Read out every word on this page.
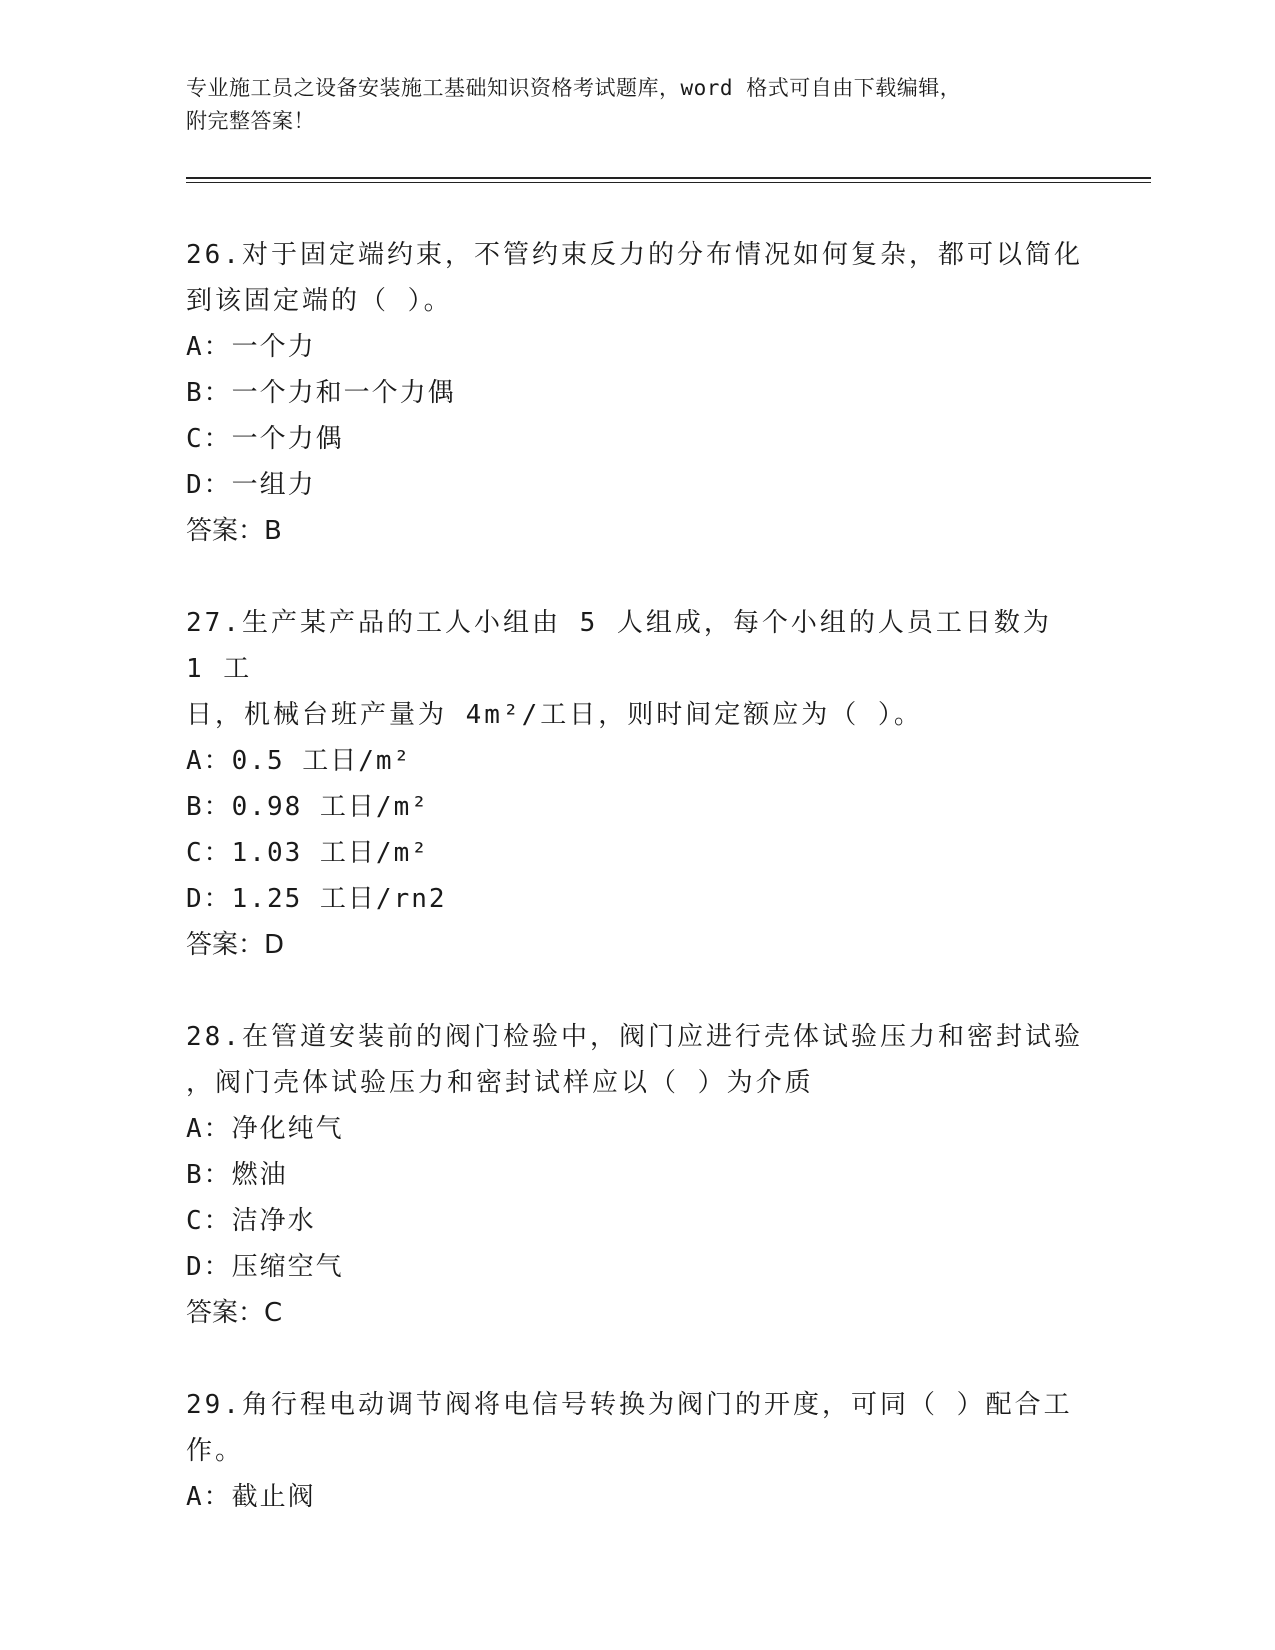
专业施工员之设备安装施工基础知识资格考试题库，word 格式可自由下载编辑，
附完整答案！

26.对于固定端约束，不管约束反力的分布情况如何复杂，都可以简化

到该固定端的（ ）。

A：一个力

B：一个力和一个力偶

C：一个力偶

D：一组力

答案：B

27.生产某产品的工人小组由 5 人组成，每个小组的人员工日数为 1 工

日，机械台班产量为 4m²/工日，则时间定额应为（ ）。

A：0.5 工日/m²

B：0.98 工日/m²

C：1.03 工日/m²

D：1.25 工日/rn2

答案：D

28.在管道安装前的阀门检验中，阀门应进行壳体试验压力和密封试验

，阀门壳体试验压力和密封试样应以（ ）为介质

A：净化纯气

B：燃油

C：洁净水

D：压缩空气

答案：C

29.角行程电动调节阀将电信号转换为阀门的开度，可同（ ）配合工

作。

A：截止阀
